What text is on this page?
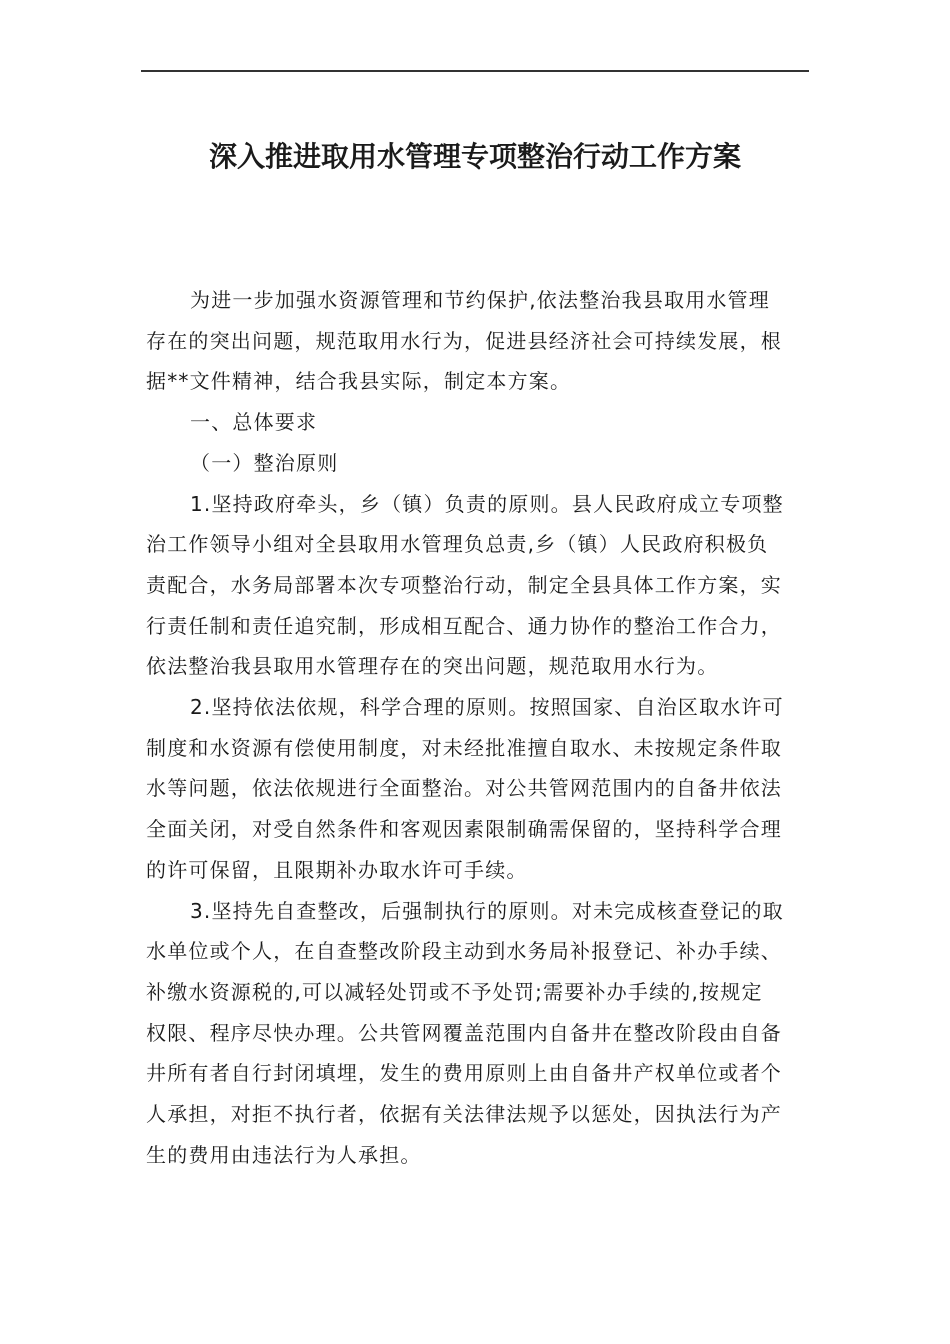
深入推进取用水管理专项整治行动工作方案

为进一步加强水资源管理和节约保护,依法整治我县取用水管理
存在的突出问题，规范取用水行为，促进县经济社会可持续发展，根
据**文件精神，结合我县实际，制定本方案。

一、总体要求

（一）整治原则

1.坚持政府牵头，乡（镇）负责的原则。县人民政府成立专项整
治工作领导小组对全县取用水管理负总责,乡（镇）人民政府积极负
责配合，水务局部署本次专项整治行动，制定全县具体工作方案，实
行责任制和责任追究制，形成相互配合、通力协作的整治工作合力，
依法整治我县取用水管理存在的突出问题，规范取用水行为。

2.坚持依法依规，科学合理的原则。按照国家、自治区取水许可
制度和水资源有偿使用制度，对未经批准擅自取水、未按规定条件取
水等问题，依法依规进行全面整治。对公共管网范围内的自备井依法
全面关闭，对受自然条件和客观因素限制确需保留的，坚持科学合理
的许可保留，且限期补办取水许可手续。

3.坚持先自查整改，后强制执行的原则。对未完成核查登记的取
水单位或个人，在自查整改阶段主动到水务局补报登记、补办手续、
补缴水资源税的,可以减轻处罚或不予处罚;需要补办手续的,按规定
权限、程序尽快办理。公共管网覆盖范围内自备井在整改阶段由自备
井所有者自行封闭填埋，发生的费用原则上由自备井产权单位或者个
人承担，对拒不执行者，依据有关法律法规予以惩处，因执法行为产
生的费用由违法行为人承担。
